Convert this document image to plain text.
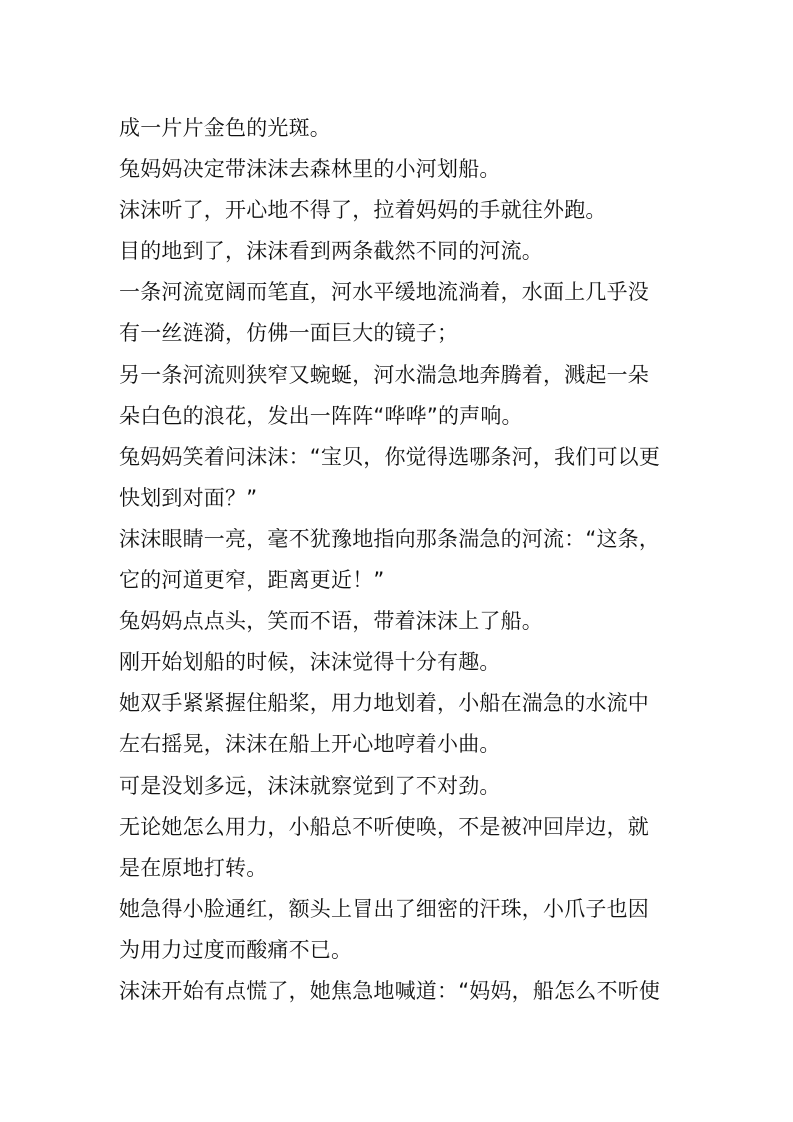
成一片片金色的光斑。
兔妈妈决定带沫沫去森林里的小河划船。
沫沫听了，开心地不得了，拉着妈妈的手就往外跑。
目的地到了，沫沫看到两条截然不同的河流。
一条河流宽阔而笔直，河水平缓地流淌着，水面上几乎没
有一丝涟漪，仿佛一面巨大的镜子；
另一条河流则狭窄又蜿蜒，河水湍急地奔腾着，溅起一朵
朵白色的浪花，发出一阵阵“哗哗”的声响。
兔妈妈笑着问沫沫：“宝贝，你觉得选哪条河，我们可以更
快划到对面？”
沫沫眼睛一亮，毫不犹豫地指向那条湍急的河流：“这条，
它的河道更窄，距离更近！”
兔妈妈点点头，笑而不语，带着沫沫上了船。
刚开始划船的时候，沫沫觉得十分有趣。
她双手紧紧握住船桨，用力地划着，小船在湍急的水流中
左右摇晃，沫沫在船上开心地哼着小曲。
可是没划多远，沫沫就察觉到了不对劲。
无论她怎么用力，小船总不听使唤，不是被冲回岸边，就
是在原地打转。
她急得小脸通红，额头上冒出了细密的汗珠，小爪子也因
为用力过度而酸痛不已。
沫沫开始有点慌了，她焦急地喊道：“妈妈，船怎么不听使
